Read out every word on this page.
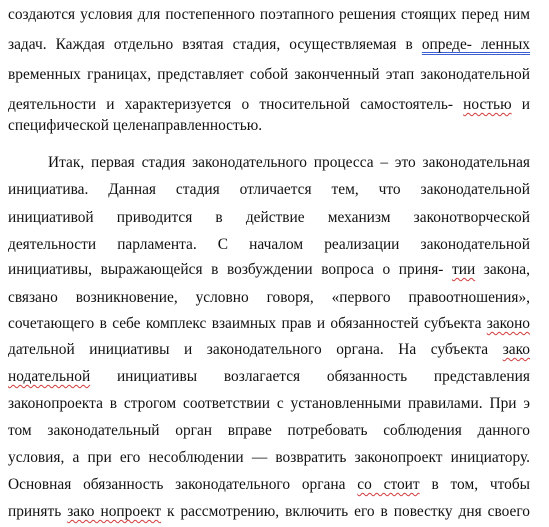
создаются условия для постепенного поэтапного решения стоящих перед ним
задач. Каждая отдельно взятая стадия, осуществляемая в опреде- ленных
временных границах, представляет собой законченный этап законодательной
деятельности и характеризуется о тносительной самостоятель- ностью и
специфической целенаправленностью.
Итак, первая стадия законодательного процесса – это законодательная
инициатива. Данная стадия отличается тем, что законодательной
инициативой приводится в действие механизм законотворческой
деятельности парламента. С началом реализации законодательной
инициативы, выражающейся в возбуждении вопроса о приня- тии закона,
связано возникновение, условно говоря, «первого правоотношения»,
сочетающего в себе комплекс взаимных прав и обязанностей субъекта законо
дательной инициативы и законодательного органа. На субъекта зако
нодательной инициативы возлагается обязанность представления
законопроекта в строгом соответствии с установленными правилами. При э
том законодательный орган вправе потребовать соблюдения данного
условия, а при его несоблюдении — возвратить законопроект инициатору.
Основная обязанность законодательного органа со стоит в том, чтобы
принять зако нопроект к рассмотрению, включить его в повестку дня своего
